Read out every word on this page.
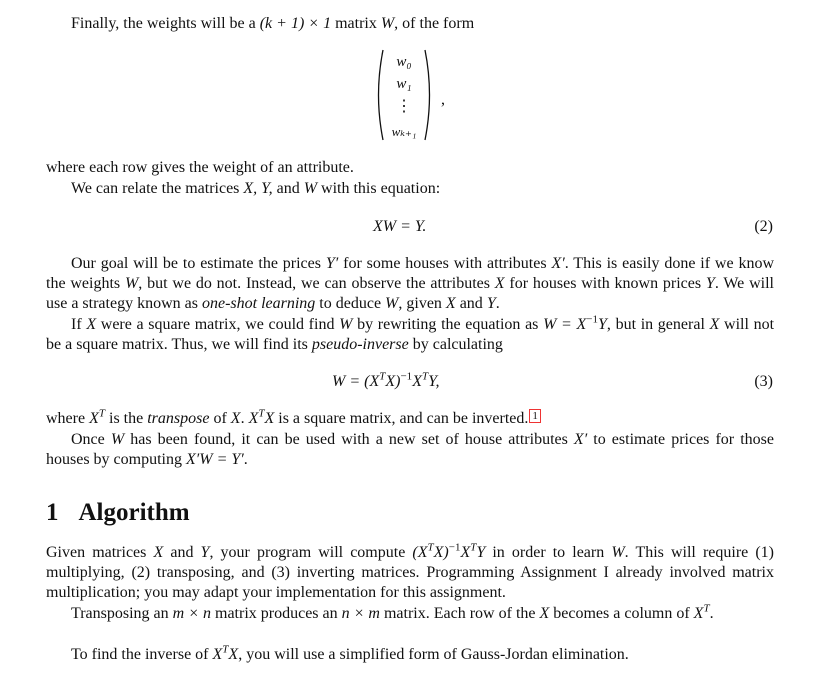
Finally, the weights will be a (k + 1) × 1 matrix W, of the form
w₀
w₁
⋮
wₖ₊₁
,
where each row gives the weight of an attribute.
We can relate the matrices X, Y, and W with this equation:
XW = Y.	(2)

Our goal will be to estimate the prices Y′ for some houses with attributes X′. This is easily done if we know the weights W, but we do not. Instead, we can observe the attributes X for houses with known prices Y. We will use a strategy known as one-shot learning to deduce W, given X and Y.

If X were a square matrix, we could find W by rewriting the equation as $W = X^{-1}Y$, but in general X will not be a square matrix. Thus, we will find its pseudo-inverse by calculating

$W = (X^TX)^{-1}X^TY$,	(3)
where $X^T$ is the transpose of X. $X^TX$ is a square matrix, and can be inverted. 1

Once W has been found, it can be used with a new set of house attributes X′ to estimate prices for those houses by computing X′W = Y′.

1 Algorithm

Given matrices X and Y, your program will compute $(X^TX)^{-1}X^TY$ in order to learn W. This will require (1) multiplying, (2) transposing, and (3) inverting matrices. Programming Assignment I already involved matrix multiplication; you may adapt your implementation for this assignment.

Transposing an m × n matrix produces an n × m matrix. Each row of the X becomes a column of $X^T$.

To find the inverse of $X^TX$, you will use a simplified form of Gauss-Jordan elimination.
